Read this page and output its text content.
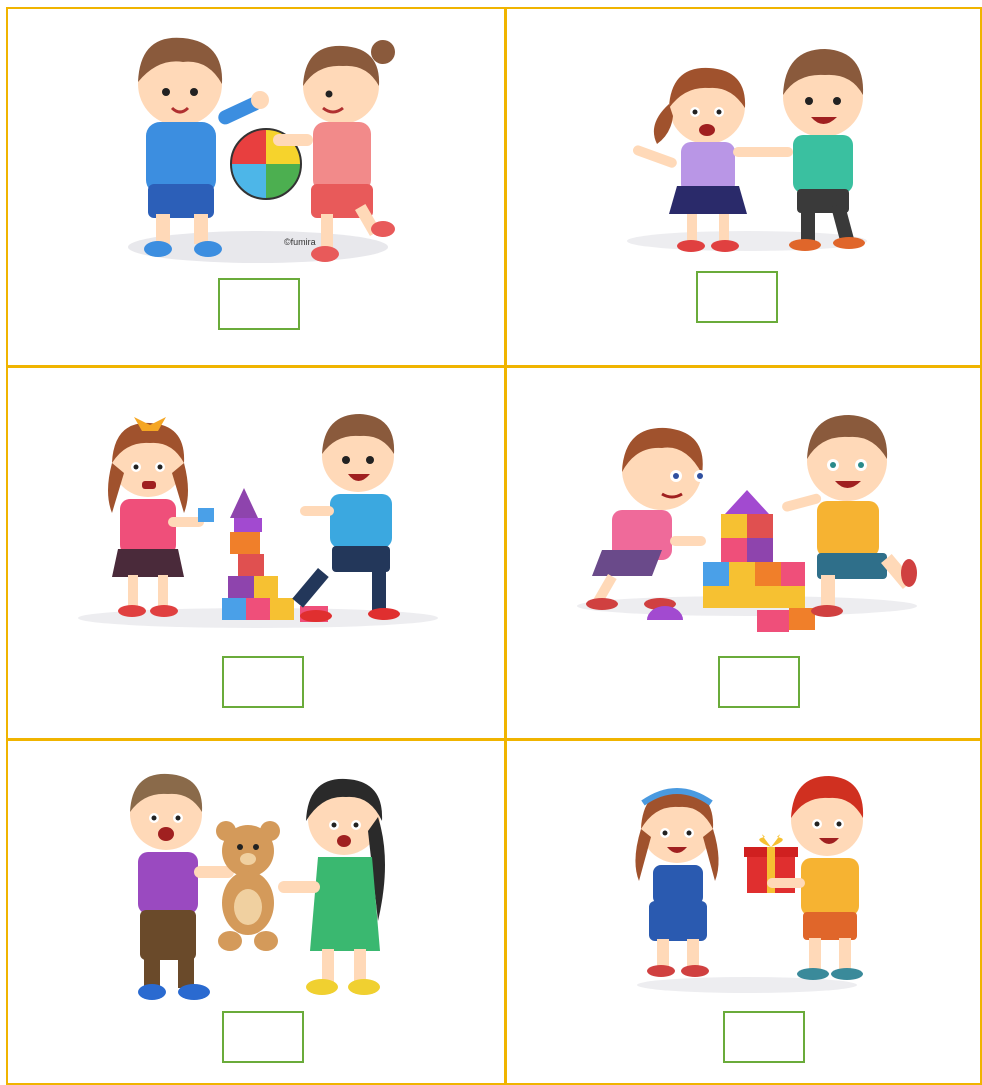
©fumira
